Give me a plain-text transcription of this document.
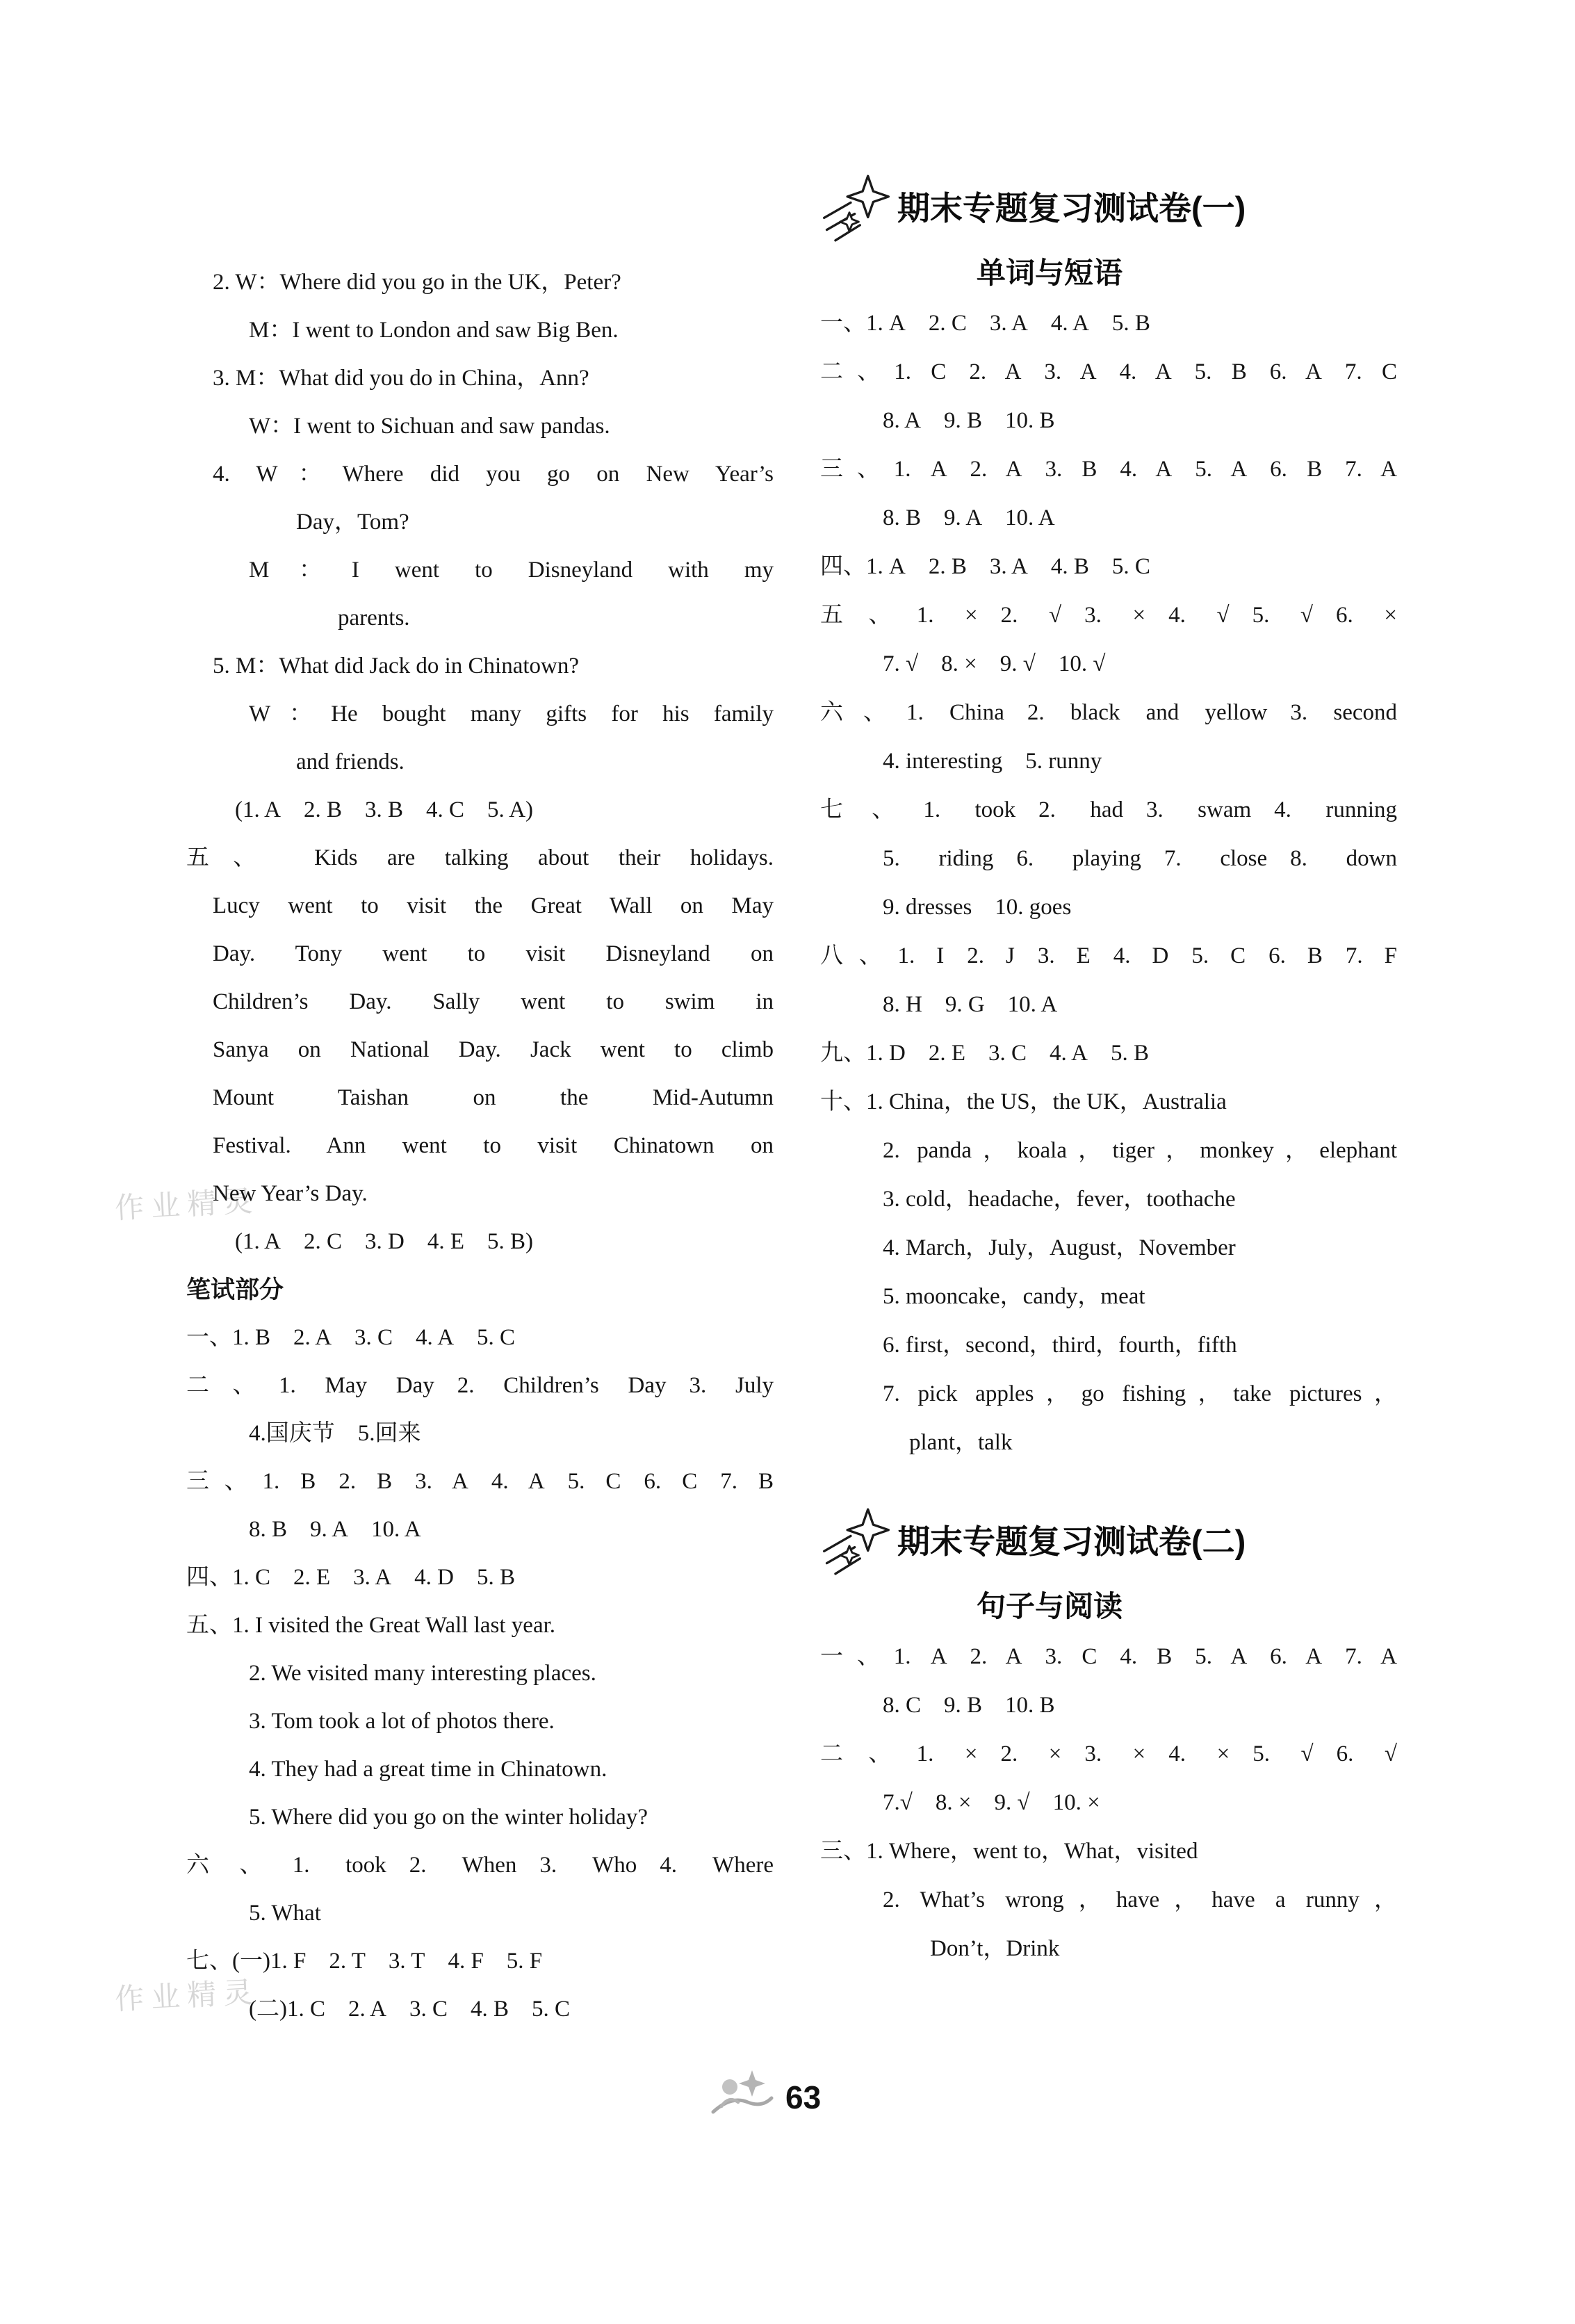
作业精灵
作业精灵
2. W：Where did you go in the UK，Peter?
M：I went to London and saw Big Ben.
3. M：What did you do in China，Ann?
W：I went to Sichuan and saw pandas.
4. W：Where did you go on New Year’s
Day，Tom?
M：I went to Disneyland with my
parents.
5. M：What did Jack do in Chinatown?
W：He bought many gifts for his family
and friends.
(1. A  2. B  3. B  4. C  5. A)
五、   Kids are talking about their holidays.
Lucy went to visit the Great Wall on May
Day. Tony went to visit Disneyland on
Children’s Day. Sally went to swim in
Sanya on National Day. Jack went to climb
Mount Taishan on the Mid-Autumn
Festival. Ann went to visit Chinatown on
New Year’s Day.
(1. A  2. C  3. D  4. E  5. B)
笔试部分
一、1. B  2. A  3. C  4. A  5. C
二、1. May Day  2. Children’s Day  3. July
4.国庆节  5.回来
三、1. B  2. B  3. A  4. A  5. C  6. C  7. B
8. B  9. A  10. A
四、1. C  2. E  3. A  4. D  5. B
五、1. I visited the Great Wall last year.
2. We visited many interesting places.
3. Tom took a lot of photos there.
4. They had a great time in Chinatown.
5. Where did you go on the winter holiday?
六、1. took  2. When  3. Who  4. Where
5. What
七、(一)1. F  2. T  3. T  4. F  5. F
(二)1. C  2. A  3. C  4. B  5. C
期末专题复习测试卷(一)
单词与短语
一、1. A  2. C  3. A  4. A  5. B
二、1. C  2. A  3. A  4. A  5. B  6. A  7. C
8. A  9. B  10. B
三、1. A  2. A  3. B  4. A  5. A  6. B  7. A
8. B  9. A  10. A
四、1. A  2. B  3. A  4. B  5. C
五、1. ×  2. √  3. ×  4. √  5. √  6. ×
7. √  8. ×  9. √  10. √
六、1. China  2. black and yellow  3. second
4. interesting  5. runny
七、1. took  2. had  3. swam  4. running
5. riding  6. playing  7. close  8. down
9. dresses  10. goes
八、1. I  2. J  3. E  4. D  5. C  6. B  7. F
8. H  9. G  10. A
九、1. D  2. E  3. C  4. A  5. B
十、1. China，the US，the UK，Australia
2. panda，koala，tiger，monkey，elephant
3. cold，headache，fever，toothache
4. March，July，August，November
5. mooncake，candy，meat
6. first，second，third，fourth，fifth
7. pick apples，go fishing，take pictures，
plant，talk
期末专题复习测试卷(二)
句子与阅读
一、1. A  2. A  3. C  4. B  5. A  6. A  7. A
8. C  9. B  10. B
二、1. ×  2. ×  3. ×  4. ×  5. √  6. √
7.√  8. ×  9. √  10. ×
三、1. Where，went to，What，visited
2. What’s wrong，have，have a runny，
Don’t，Drink
63
